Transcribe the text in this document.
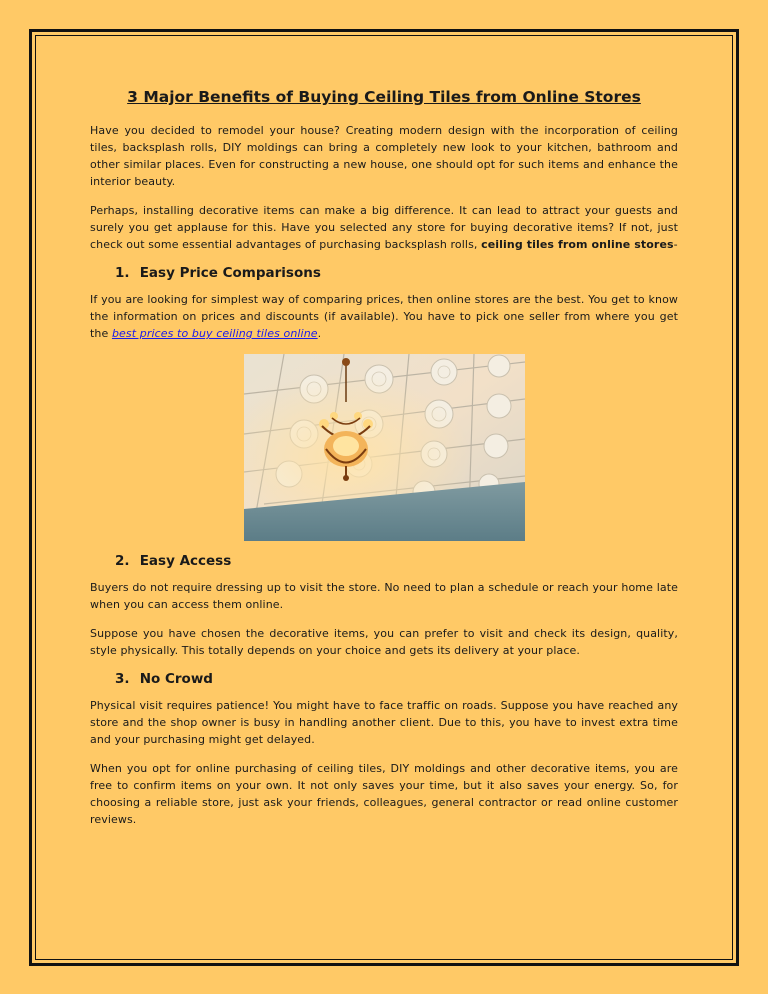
3 Major Benefits of Buying Ceiling Tiles from Online Stores

Have you decided to remodel your house? Creating modern design with the incorporation of ceiling tiles, backsplash rolls, DIY moldings can bring a completely new look to your kitchen, bathroom and other similar places. Even for constructing a new house, one should opt for such items and enhance the interior beauty.

Perhaps, installing decorative items can make a big difference. It can lead to attract your guests and surely you get applause for this. Have you selected any store for buying decorative items? If not, just check out some essential advantages of purchasing backsplash rolls, ceiling tiles from online stores-

1. Easy Price Comparisons

If you are looking for simplest way of comparing prices, then online stores are the best. You get to know the information on prices and discounts (if available). You have to pick one seller from where you get the best prices to buy ceiling tiles online.

2. Easy Access

Buyers do not require dressing up to visit the store. No need to plan a schedule or reach your home late when you can access them online.

Suppose you have chosen the decorative items, you can prefer to visit and check its design, quality, style physically. This totally depends on your choice and gets its delivery at your place.

3. No Crowd

Physical visit requires patience! You might have to face traffic on roads. Suppose you have reached any store and the shop owner is busy in handling another client. Due to this, you have to invest extra time and your purchasing might get delayed.

When you opt for online purchasing of ceiling tiles, DIY moldings and other decorative items, you are free to confirm items on your own. It not only saves your time, but it also saves your energy. So, for choosing a reliable store, just ask your friends, colleagues, general contractor or read online customer reviews.
